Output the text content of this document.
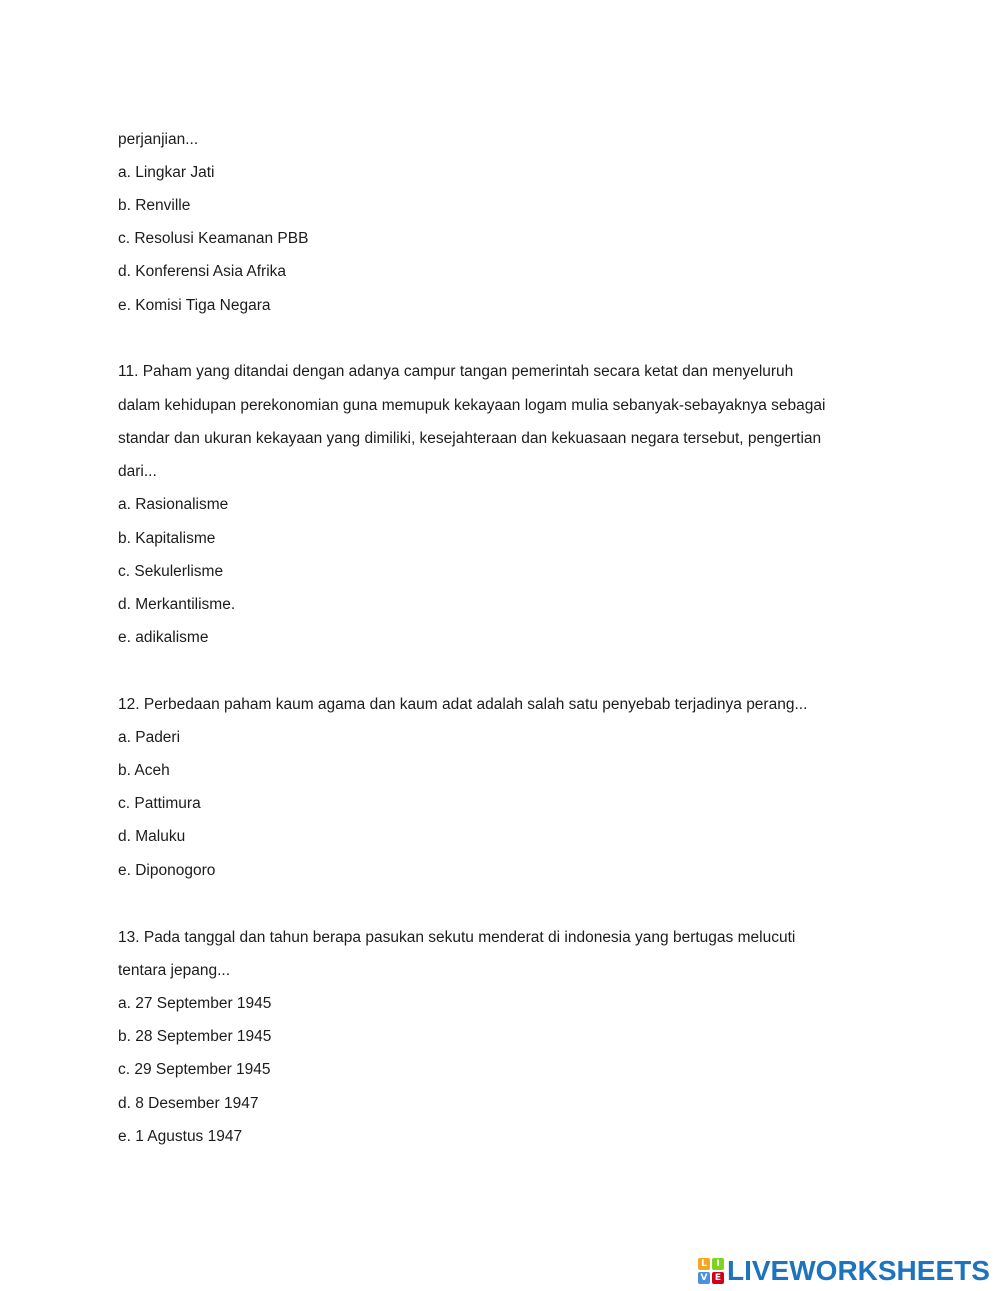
perjanjian...
a. Lingkar Jati
b. Renville
c. Resolusi Keamanan PBB
d. Konferensi Asia Afrika
e. Komisi Tiga Negara
11. Paham yang ditandai dengan adanya campur tangan pemerintah secara ketat dan menyeluruh
dalam kehidupan perekonomian guna memupuk kekayaan logam mulia sebanyak-sebayaknya sebagai
standar dan ukuran kekayaan yang dimiliki, kesejahteraan dan kekuasaan negara tersebut, pengertian
dari...
a. Rasionalisme
b. Kapitalisme
c. Sekulerlisme
d. Merkantilisme.
e. adikalisme
12. Perbedaan paham kaum agama dan kaum adat adalah salah satu penyebab terjadinya perang...
a. Paderi
b. Aceh
c. Pattimura
d. Maluku
e. Diponogoro
13. Pada tanggal dan tahun berapa pasukan sekutu menderat di indonesia yang bertugas melucuti
tentara jepang...
a. 27 September 1945
b. 28 September 1945
c. 29 September 1945
d. 8 Desember 1947
e. 1 Agustus 1947
L	I
V E LIVEWORKSHEETS
